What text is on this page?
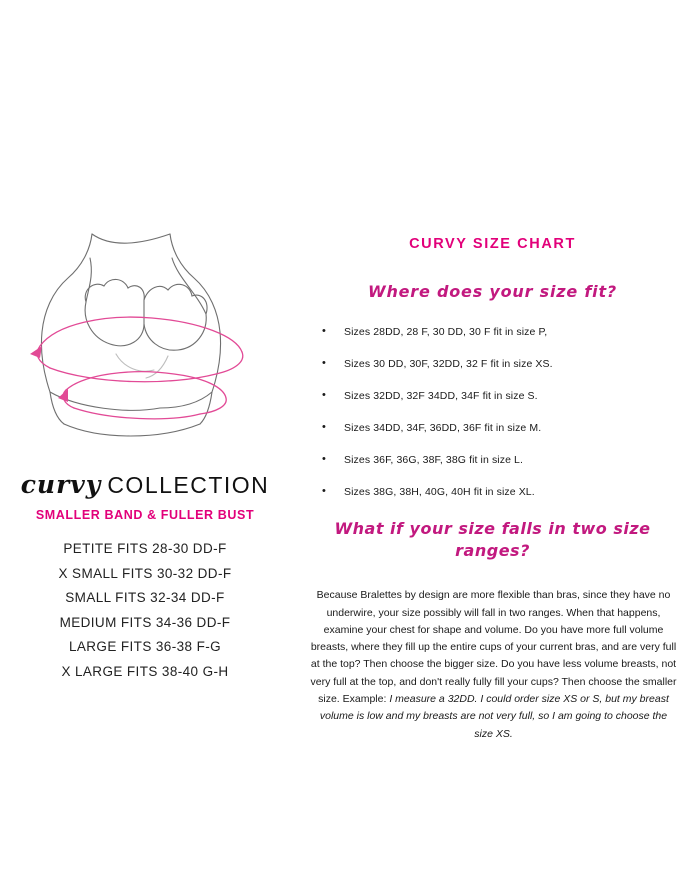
curvy COLLECTION
SMALLER BAND & FULLER BUST
PETITE FITS 28-30 DD-F
X SMALL FITS 30-32 DD-F
SMALL FITS 32-34 DD-F
MEDIUM FITS 34-36 DD-F
LARGE FITS 36-38 F-G
X LARGE FITS 38-40 G-H
CURVY SIZE CHART
Where does your size fit?
• Sizes 28DD, 28 F, 30 DD, 30 F fit in size P,
• Sizes 30 DD, 30F, 32DD, 32 F fit in size XS.
• Sizes 32DD, 32F 34DD, 34F fit in size S.
• Sizes 34DD, 34F, 36DD, 36F fit in size M.
• Sizes 36F, 36G, 38F, 38G fit in size L.
• Sizes 38G, 38H, 40G, 40H fit in size XL.
What if your size falls in two size ranges?

Because Bralettes by design are more flexible than bras, since they have no underwire, your size possibly will fall in two ranges. When that happens, examine your chest for shape and volume. Do you have more full volume breasts, where they fill up the entire cups of your current bras, and are very full at the top? Then choose the bigger size. Do you have less volume breasts, not very full at the top, and don't really fully fill your cups? Then choose the smaller size. Example: I measure a 32DD. I could order size XS or S, but my breast volume is low and my breasts are not very full, so I am going to choose the size XS.
